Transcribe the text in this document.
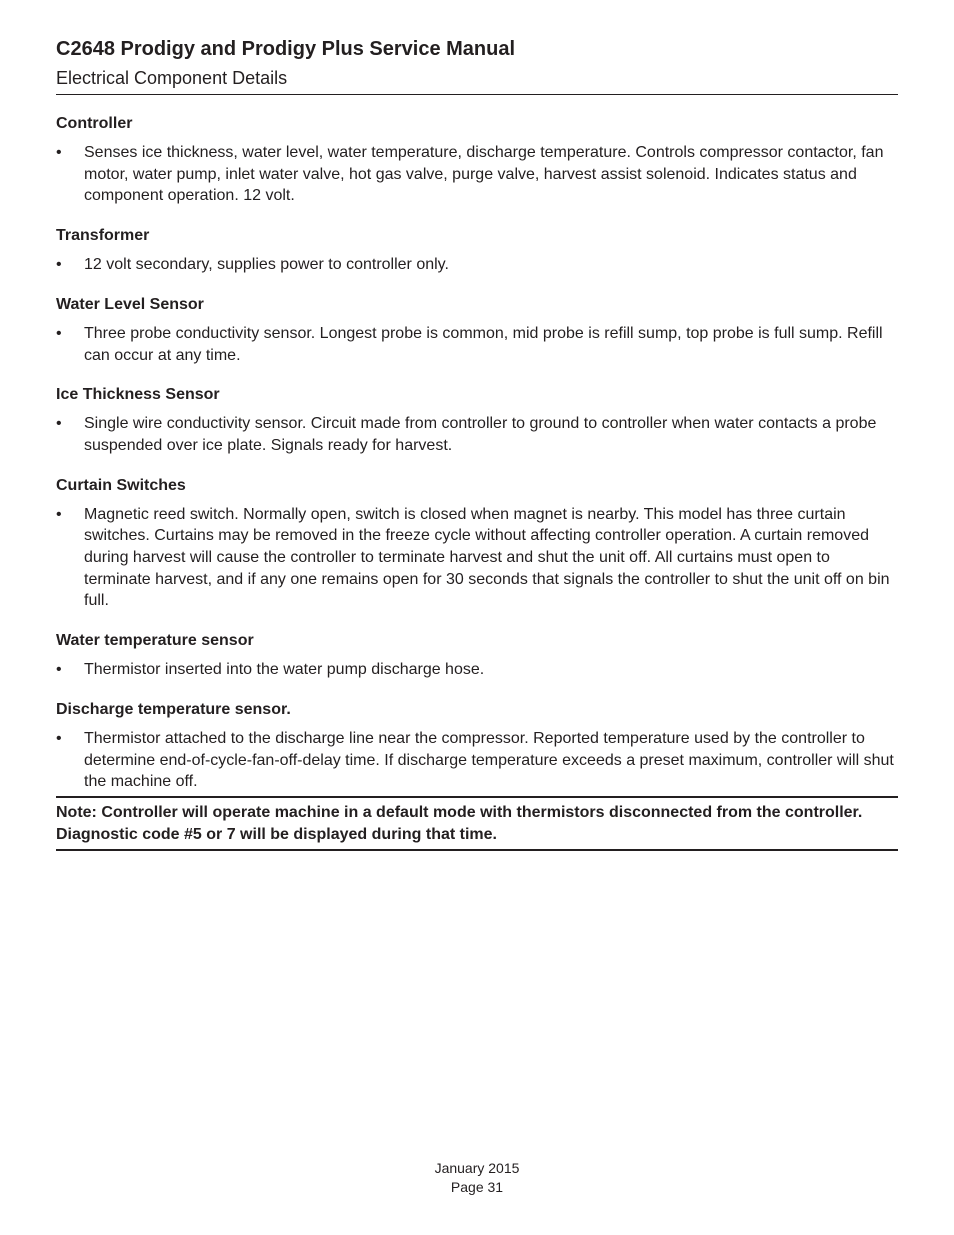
C2648 Prodigy and Prodigy Plus Service Manual
Electrical Component Details
Controller
•	Senses ice thickness, water level, water temperature, discharge temperature. Controls compressor contactor, fan motor, water pump, inlet water valve, hot gas valve, purge valve, harvest assist solenoid. Indicates status and component operation. 12 volt.
Transformer
•	12 volt secondary, supplies power to controller only.
Water Level Sensor
•	Three probe conductivity sensor. Longest probe is common, mid probe is refill sump, top probe is full sump. Refill can occur at any time.
Ice Thickness Sensor
•	Single wire conductivity sensor. Circuit made from controller to ground to controller when water contacts a probe suspended over ice plate. Signals ready for harvest.
Curtain Switches
•	Magnetic reed switch. Normally open, switch is closed when magnet is nearby. This model has three curtain switches. Curtains may be removed in the freeze cycle without affecting controller operation. A curtain removed during harvest will cause the controller to terminate harvest and shut the unit off. All curtains must open to terminate harvest, and if any one remains open for 30 seconds that signals the controller to shut the unit off on bin full.
Water temperature sensor
•	Thermistor inserted into the water pump discharge hose.
Discharge temperature sensor.
•	Thermistor attached to the discharge line near the compressor. Reported temperature used by the controller to determine end-of-cycle-fan-off-delay time. If discharge temperature exceeds a preset maximum, controller will shut the machine off.
Note: Controller will operate machine in a default mode with thermistors disconnected from the controller. Diagnostic code #5 or 7 will be displayed during that time.
January 2015
Page 31
